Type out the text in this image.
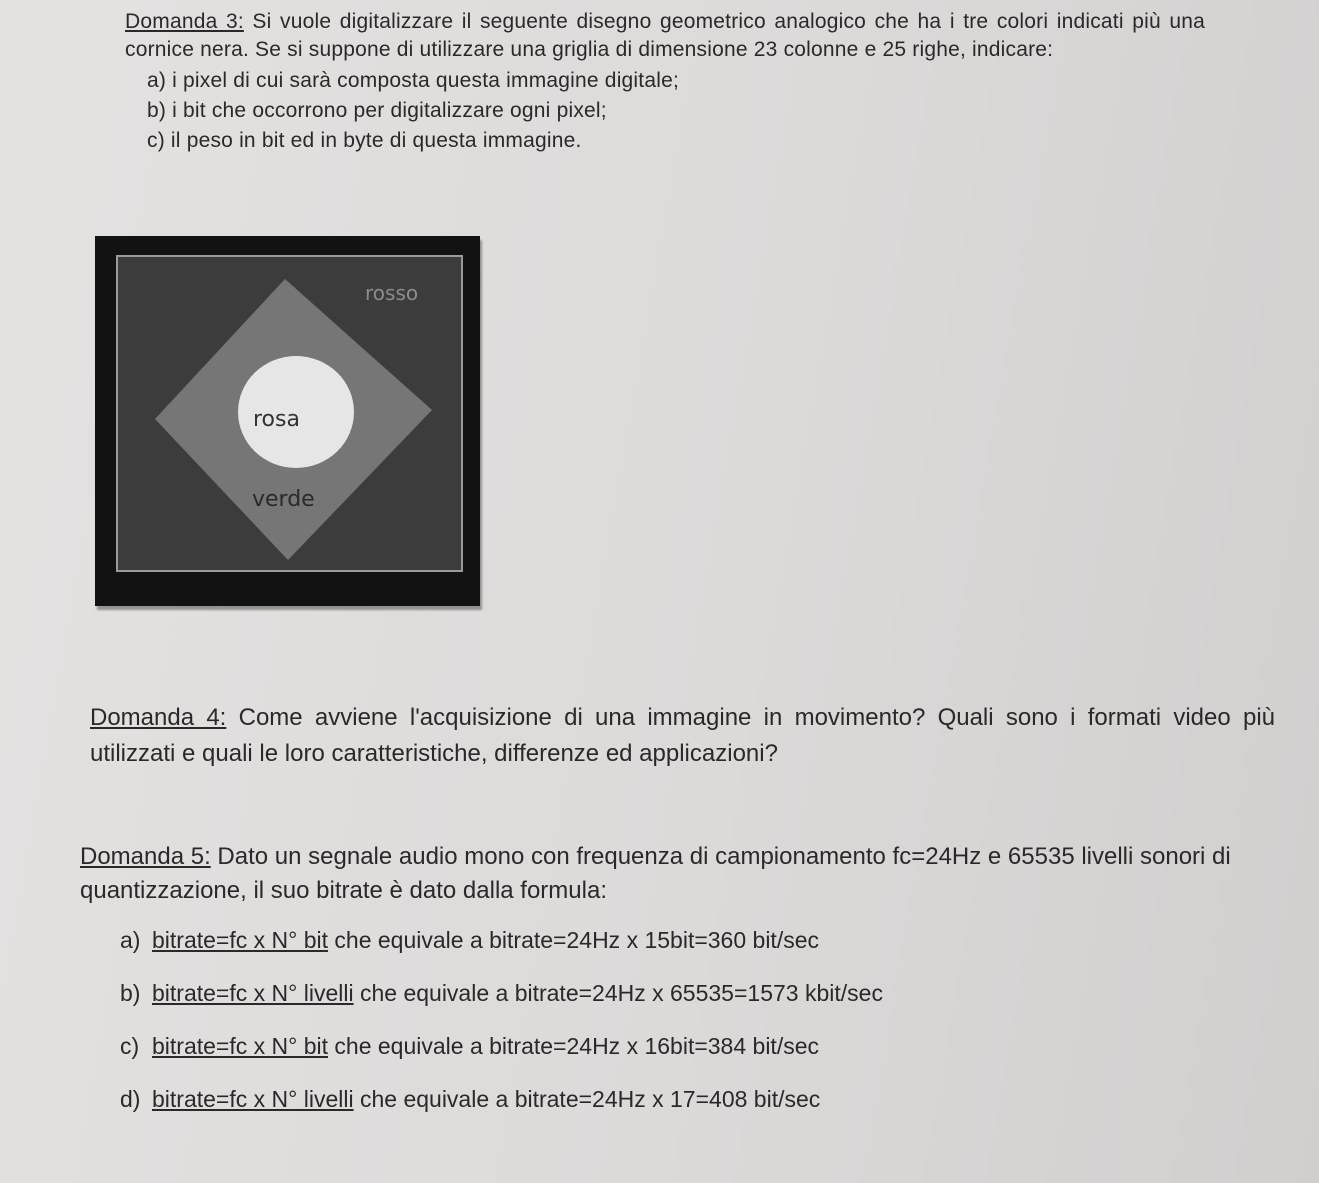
Domanda 3: Si vuole digitalizzare il seguente disegno geometrico analogico che ha i tre colori indicati più una cornice nera. Se si suppone di utilizzare una griglia di dimensione 23 colonne e 25 righe, indicare:

a) i pixel di cui sarà composta questa immagine digitale;
b) i bit che occorrono per digitalizzare ogni pixel;
c) il peso in bit ed in byte di questa immagine.
rosso
rosa
verde
Domanda 4: Come avviene l'acquisizione di una immagine in movimento? Quali sono i formati video più utilizzati e quali le loro caratteristiche, differenze ed applicazioni?
Domanda 5: Dato un segnale audio mono con frequenza di campionamento fc=24Hz e 65535 livelli sonori di quantizzazione, il suo bitrate è dato dalla formula:
a) bitrate=fc x N° bit che equivale a bitrate=24Hz x 15bit=360 bit/sec
b) bitrate=fc x N° livelli che equivale a bitrate=24Hz x 65535=1573 kbit/sec
c) bitrate=fc x N° bit che equivale a bitrate=24Hz x 16bit=384 bit/sec
d) bitrate=fc x N° livelli che equivale a bitrate=24Hz x 17=408 bit/sec
